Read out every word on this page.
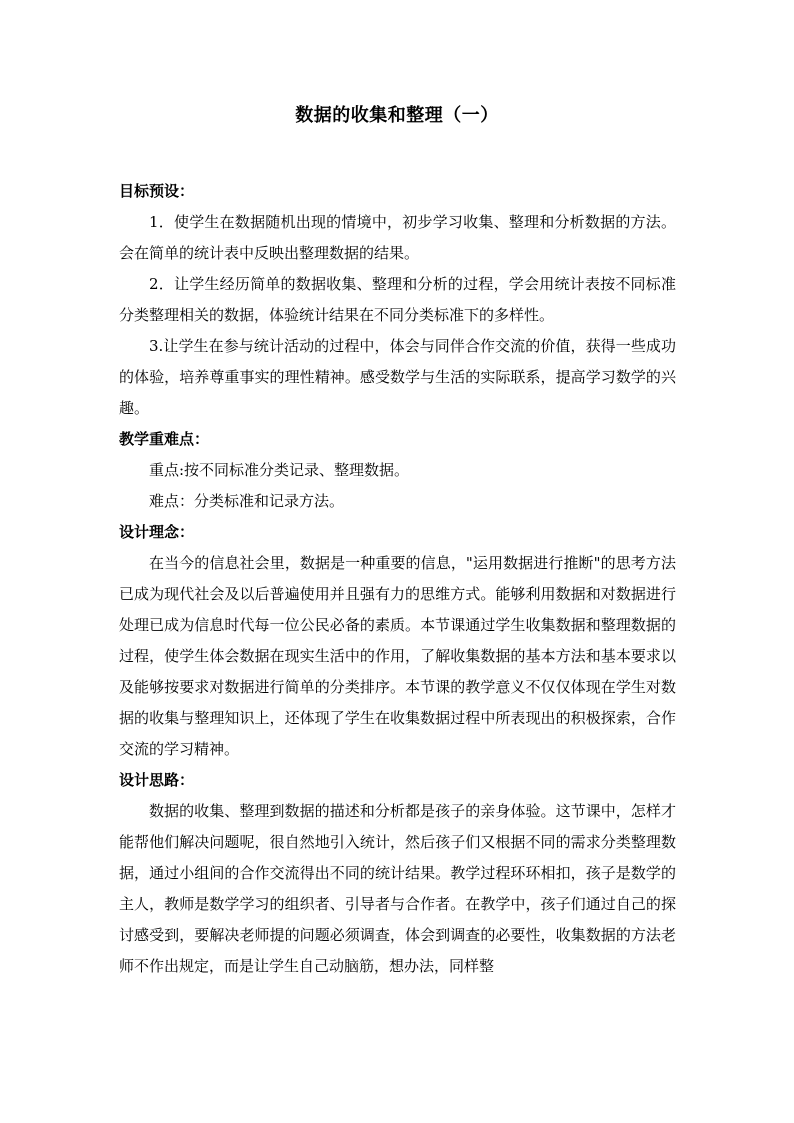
数据的收集和整理（一）

目标预设：

1．使学生在数据随机出现的情境中，初步学习收集、整理和分析数据的方法。会在简单的统计表中反映出整理数据的结果。

2．让学生经历简单的数据收集、整理和分析的过程，学会用统计表按不同标准分类整理相关的数据，体验统计结果在不同分类标准下的多样性。

3.让学生在参与统计活动的过程中，体会与同伴合作交流的价值，获得一些成功的体验，培养尊重事实的理性精神。感受数学与生活的实际联系，提高学习数学的兴趣。

教学重难点：

重点:按不同标准分类记录、整理数据。

难点：分类标准和记录方法。

设计理念：

在当今的信息社会里，数据是一种重要的信息，"运用数据进行推断"的思考方法已成为现代社会及以后普遍使用并且强有力的思维方式。能够利用数据和对数据进行处理已成为信息时代每一位公民必备的素质。本节课通过学生收集数据和整理数据的过程，使学生体会数据在现实生活中的作用，了解收集数据的基本方法和基本要求以及能够按要求对数据进行简单的分类排序。本节课的教学意义不仅仅体现在学生对数据的收集与整理知识上，还体现了学生在收集数据过程中所表现出的积极探索，合作交流的学习精神。

设计思路：

数据的收集、整理到数据的描述和分析都是孩子的亲身体验。这节课中，怎样才能帮他们解决问题呢，很自然地引入统计，然后孩子们又根据不同的需求分类整理数据，通过小组间的合作交流得出不同的统计结果。教学过程环环相扣，孩子是数学的主人，教师是数学学习的组织者、引导者与合作者。在教学中，孩子们通过自己的探讨感受到，要解决老师提的问题必须调查，体会到调查的必要性，收集数据的方法老师不作出规定，而是让学生自己动脑筋，想办法，同样整
